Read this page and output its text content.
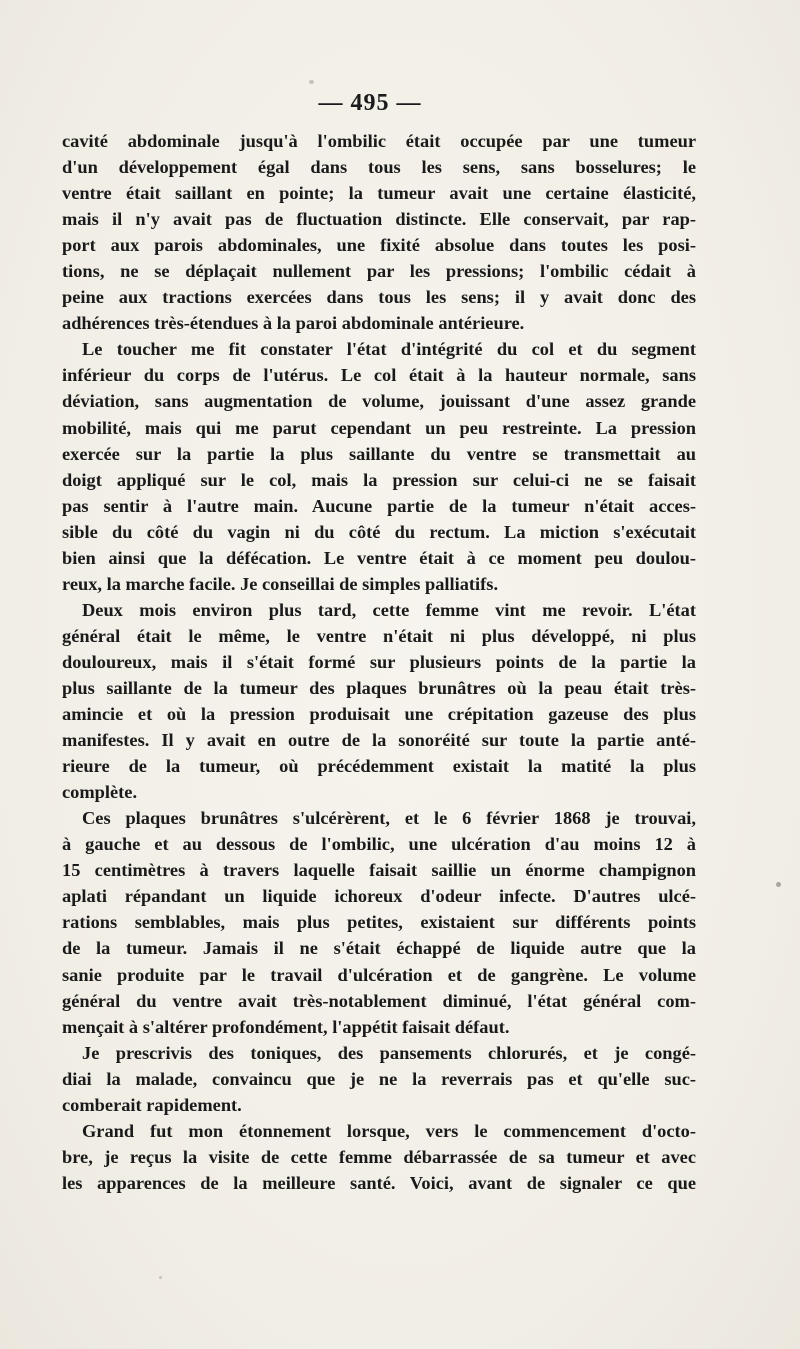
— 495 —
cavité abdominale jusqu'à l'ombilic était occupée par une tumeur
d'un développement égal dans tous les sens, sans bosselures; le
ventre était saillant en pointe; la tumeur avait une certaine élasticité,
mais il n'y avait pas de fluctuation distincte. Elle conservait, par rap-
port aux parois abdominales, une fixité absolue dans toutes les posi-
tions, ne se déplaçait nullement par les pressions; l'ombilic cédait à
peine aux tractions exercées dans tous les sens; il y avait donc des
adhérences très-étendues à la paroi abdominale antérieure.
Le toucher me fit constater l'état d'intégrité du col et du segment
inférieur du corps de l'utérus. Le col était à la hauteur normale, sans
déviation, sans augmentation de volume, jouissant d'une assez grande
mobilité, mais qui me parut cependant un peu restreinte. La pression
exercée sur la partie la plus saillante du ventre se transmettait au
doigt appliqué sur le col, mais la pression sur celui-ci ne se faisait
pas sentir à l'autre main. Aucune partie de la tumeur n'était acces-
sible du côté du vagin ni du côté du rectum. La miction s'exécutait
bien ainsi que la défécation. Le ventre était à ce moment peu doulou-
reux, la marche facile. Je conseillai de simples palliatifs.
Deux mois environ plus tard, cette femme vint me revoir. L'état
général était le même, le ventre n'était ni plus développé, ni plus
douloureux, mais il s'était formé sur plusieurs points de la partie la
plus saillante de la tumeur des plaques brunâtres où la peau était très-
amincie et où la pression produisait une crépitation gazeuse des plus
manifestes. Il y avait en outre de la sonoréité sur toute la partie anté-
rieure de la tumeur, où précédemment existait la matité la plus
complète.
Ces plaques brunâtres s'ulcérèrent, et le 6 février 1868 je trouvai,
à gauche et au dessous de l'ombilic, une ulcération d'au moins 12 à
15 centimètres à travers laquelle faisait saillie un énorme champignon
aplati répandant un liquide ichoreux d'odeur infecte. D'autres ulcé-
rations semblables, mais plus petites, existaient sur différents points
de la tumeur. Jamais il ne s'était échappé de liquide autre que la
sanie produite par le travail d'ulcération et de gangrène. Le volume
général du ventre avait très-notablement diminué, l'état général com-
mençait à s'altérer profondément, l'appétit faisait défaut.
Je prescrivis des toniques, des pansements chlorurés, et je congé-
diai la malade, convaincu que je ne la reverrais pas et qu'elle suc-
comberait rapidement.
Grand fut mon étonnement lorsque, vers le commencement d'octo-
bre, je reçus la visite de cette femme débarrassée de sa tumeur et avec
les apparences de la meilleure santé. Voici, avant de signaler ce que
